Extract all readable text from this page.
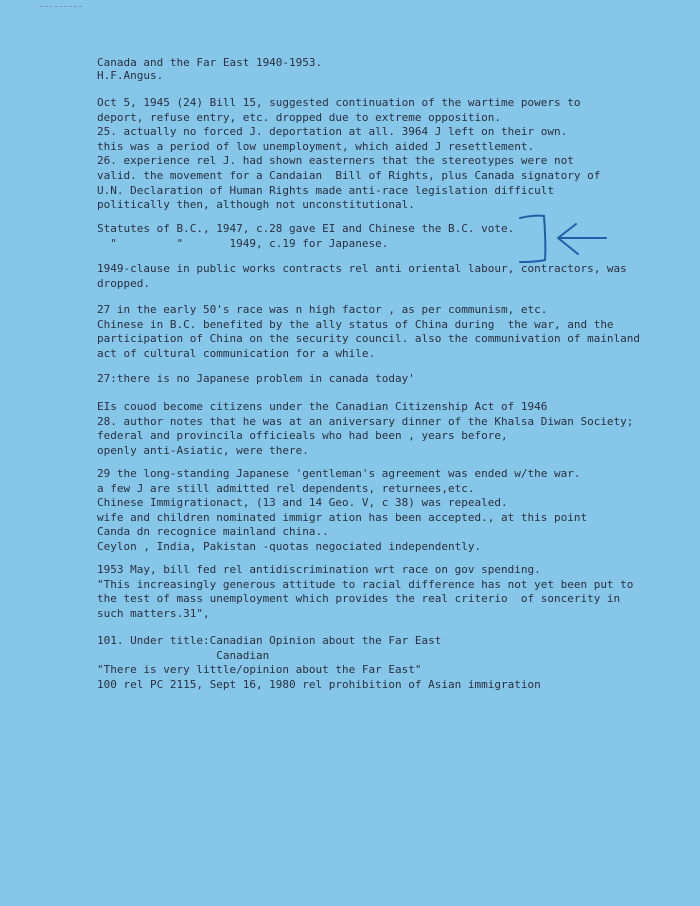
Canada and the Far East 1940-1953.
H.F.Angus.
Oct 5, 1945 (24) Bill 15, suggested continuation of the wartime powers to
deport, refuse entry, etc. dropped due to extreme opposition.
25. actually no forced J. deportation at all. 3964 J left on their own.
this was a period of low unemployment, which aided J resettlement.
26. experience rel J. had shown easterners that the stereotypes were not
valid. the movement for a Candaian  Bill of Rights, plus Canada signatory of
U.N. Declaration of Human Rights made anti-race legislation difficult
politically then, although not unconstitutional.
Statutes of B.C., 1947, c.28 gave EI and Chinese the B.C. vote.
"         "       1949, c.19 for Japanese.
1949-clause in public works contracts rel anti oriental labour, contractors, was
dropped.
27 in the early 50's race was n high factor , as per communism, etc.
Chinese in B.C. benefited by the ally status of China during  the war, and the
participation of China on the security council. also the communivation of mainland
act of cultural communication for a while.
27:there is no Japanese problem in canada today'
EIs couod become citizens under the Canadian Citizenship Act of 1946
28. author notes that he was at an aniversary dinner of the Khalsa Diwan Society;
federal and provincila officieals who had been , years before,
openly anti-Asiatic, were there.
29 the long-standing Japanese 'gentleman's agreement was ended w/the war.
a few J are still admitted rel dependents, returnees,etc.
Chinese Immigrationact, (13 and 14 Geo. V, c 38) was repealed.
wife and children nominated immigr ation has been accepted., at this point
Canda dn recognice mainland china..
Ceylon , India, Pakistan -quotas negociated independently.
1953 May, bill fed rel antidiscrimination wrt race on gov spending.
"This increasingly generous attitude to racial difference has not yet been put to
the test of mass unemployment which provides the real criterio  of soncerity in
such matters.31",
101. Under title:Canadian Opinion about the Far East
Canadian
"There is very little/opinion about the Far East"
100 rel PC 2115, Sept 16, 1980 rel prohibition of Asian immigration
